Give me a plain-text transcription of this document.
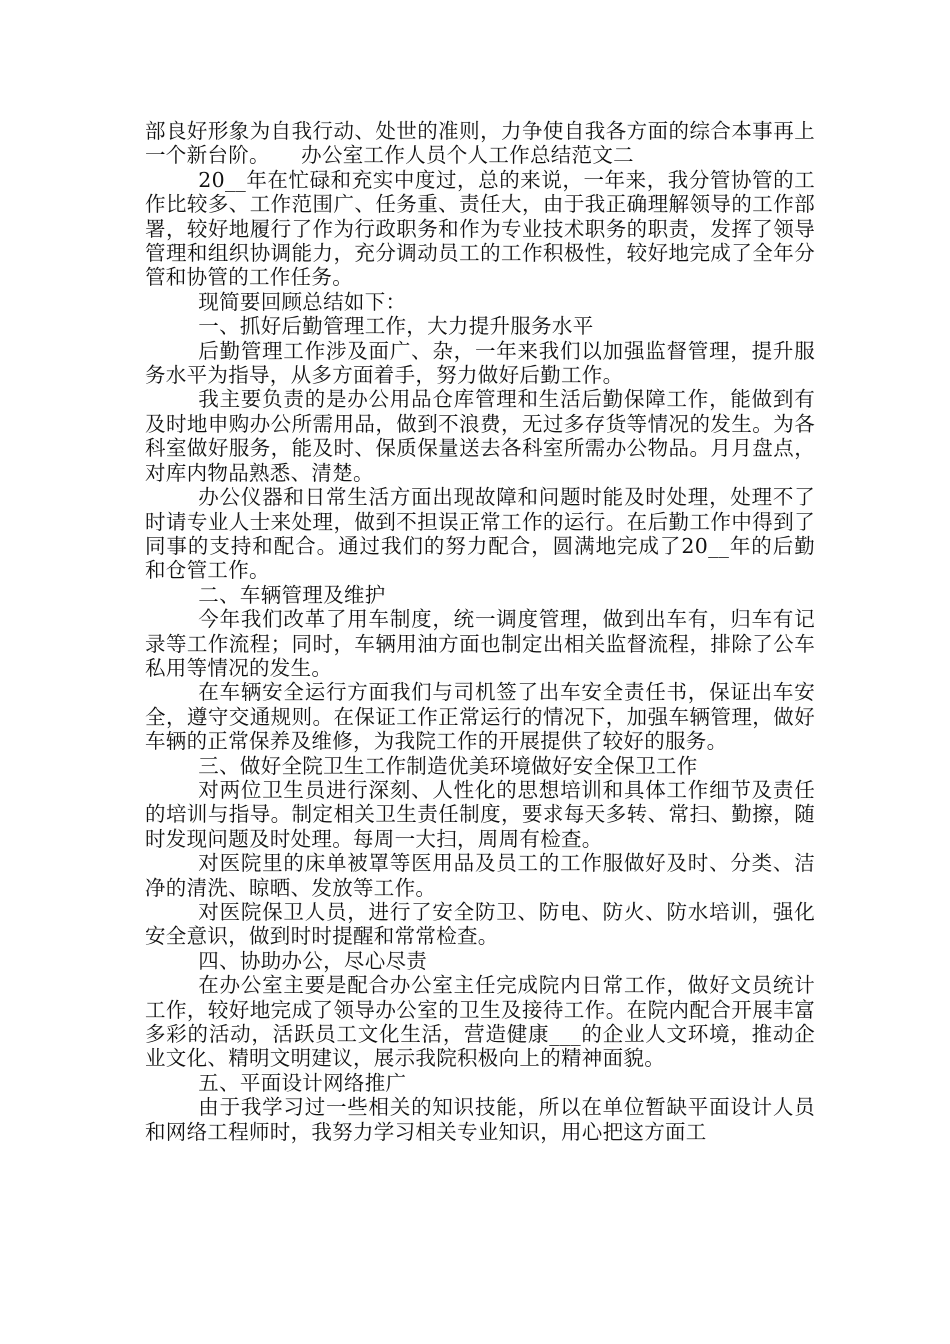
部良好形象为自我行动、处世的准则，力争使自我各方面的综合本事再上一个新台阶。　　办公室工作人员个人工作总结范文二

20__年在忙碌和充实中度过，总的来说，一年来，我分管协管的工作比较多、工作范围广、任务重、责任大，由于我正确理解领导的工作部署，较好地履行了作为行政职务和作为专业技术职务的职责，发挥了领导管理和组织协调能力，充分调动员工的工作积极性，较好地完成了全年分管和协管的工作任务。

现简要回顾总结如下：

一、抓好后勤管理工作，大力提升服务水平

后勤管理工作涉及面广、杂，一年来我们以加强监督管理，提升服务水平为指导，从多方面着手，努力做好后勤工作。

我主要负责的是办公用品仓库管理和生活后勤保障工作，能做到有及时地申购办公所需用品，做到不浪费，无过多存货等情况的发生。为各科室做好服务，能及时、保质保量送去各科室所需办公物品。月月盘点，对库内物品熟悉、清楚。

办公仪器和日常生活方面出现故障和问题时能及时处理，处理不了时请专业人士来处理，做到不担误正常工作的运行。在后勤工作中得到了同事的支持和配合。通过我们的努力配合，圆满地完成了20__年的后勤和仓管工作。

二、车辆管理及维护

今年我们改革了用车制度，统一调度管理，做到出车有，归车有记录等工作流程；同时，车辆用油方面也制定出相关监督流程，排除了公车私用等情况的发生。

在车辆安全运行方面我们与司机签了出车安全责任书，保证出车安全，遵守交通规则。在保证工作正常运行的情况下，加强车辆管理，做好车辆的正常保养及维修，为我院工作的开展提供了较好的服务。

三、做好全院卫生工作制造优美环境做好安全保卫工作

对两位卫生员进行深刻、人性化的思想培训和具体工作细节及责任的培训与指导。制定相关卫生责任制度，要求每天多转、常扫、勤擦，随时发现问题及时处理。每周一大扫，周周有检查。

对医院里的床单被罩等医用品及员工的工作服做好及时、分类、洁净的清洗、晾晒、发放等工作。

对医院保卫人员，进行了安全防卫、防电、防火、防水培训，强化安全意识，做到时时提醒和常常检查。

四、协助办公，尽心尽责

在办公室主要是配合办公室主任完成院内日常工作，做好文员统计工作，较好地完成了领导办公室的卫生及接待工作。在院内配合开展丰富多彩的活动，活跃员工文化生活，营造健康___的企业人文环境，推动企业文化、精明文明建议，展示我院积极向上的精神面貌。

五、平面设计网络推广

由于我学习过一些相关的知识技能，所以在单位暂缺平面设计人员和网络工程师时，我努力学习相关专业知识，用心把这方面工
